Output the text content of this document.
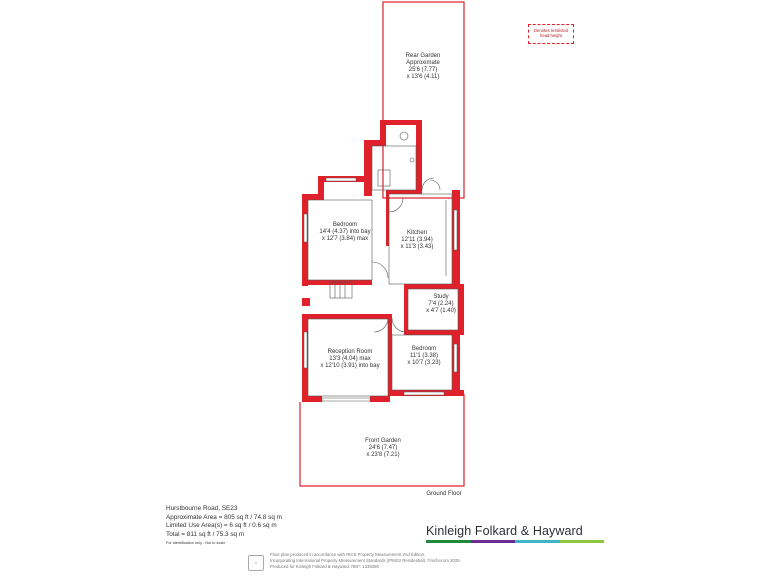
Rear Garden
Approximate
25'6 (7.77)
x 13'6 (4.11)
Bedroom
14'4 (4.37) into bay
x 12'7 (3.84) max
Kitchen
12'11 (3.94)
x 11'3 (3.43)
Study
7'4 (2.24)
x 4'7 (1.40)
Reception Room
13'3 (4.04) max
x 12'10 (3.91) into bay
Bedroom
11'1 (3.38)
x 10'7 (3.23)
Front Garden
24'6 (7.47)
x 23'8 (7.21)
Ground Floor
Denotes restricted
head height
Hurstbourne Road, SE23
Approximate Area = 805 sq ft / 74.8 sq m
Limited Use Area(s) = 6 sq ft / 0.6 sq m
Total = 811 sq ft / 75.3 sq m
For identification only - Not to scale
Kinleigh Folkard & Hayward
n
Floor plan produced in accordance with RICS Property Measurement 2nd Edition,
Incorporating International Property Measurement Standards (IPMS2 Residential). ©nichecom 2025.
Produced for Kinleigh Folkard & Hayward. REF: 1339390
